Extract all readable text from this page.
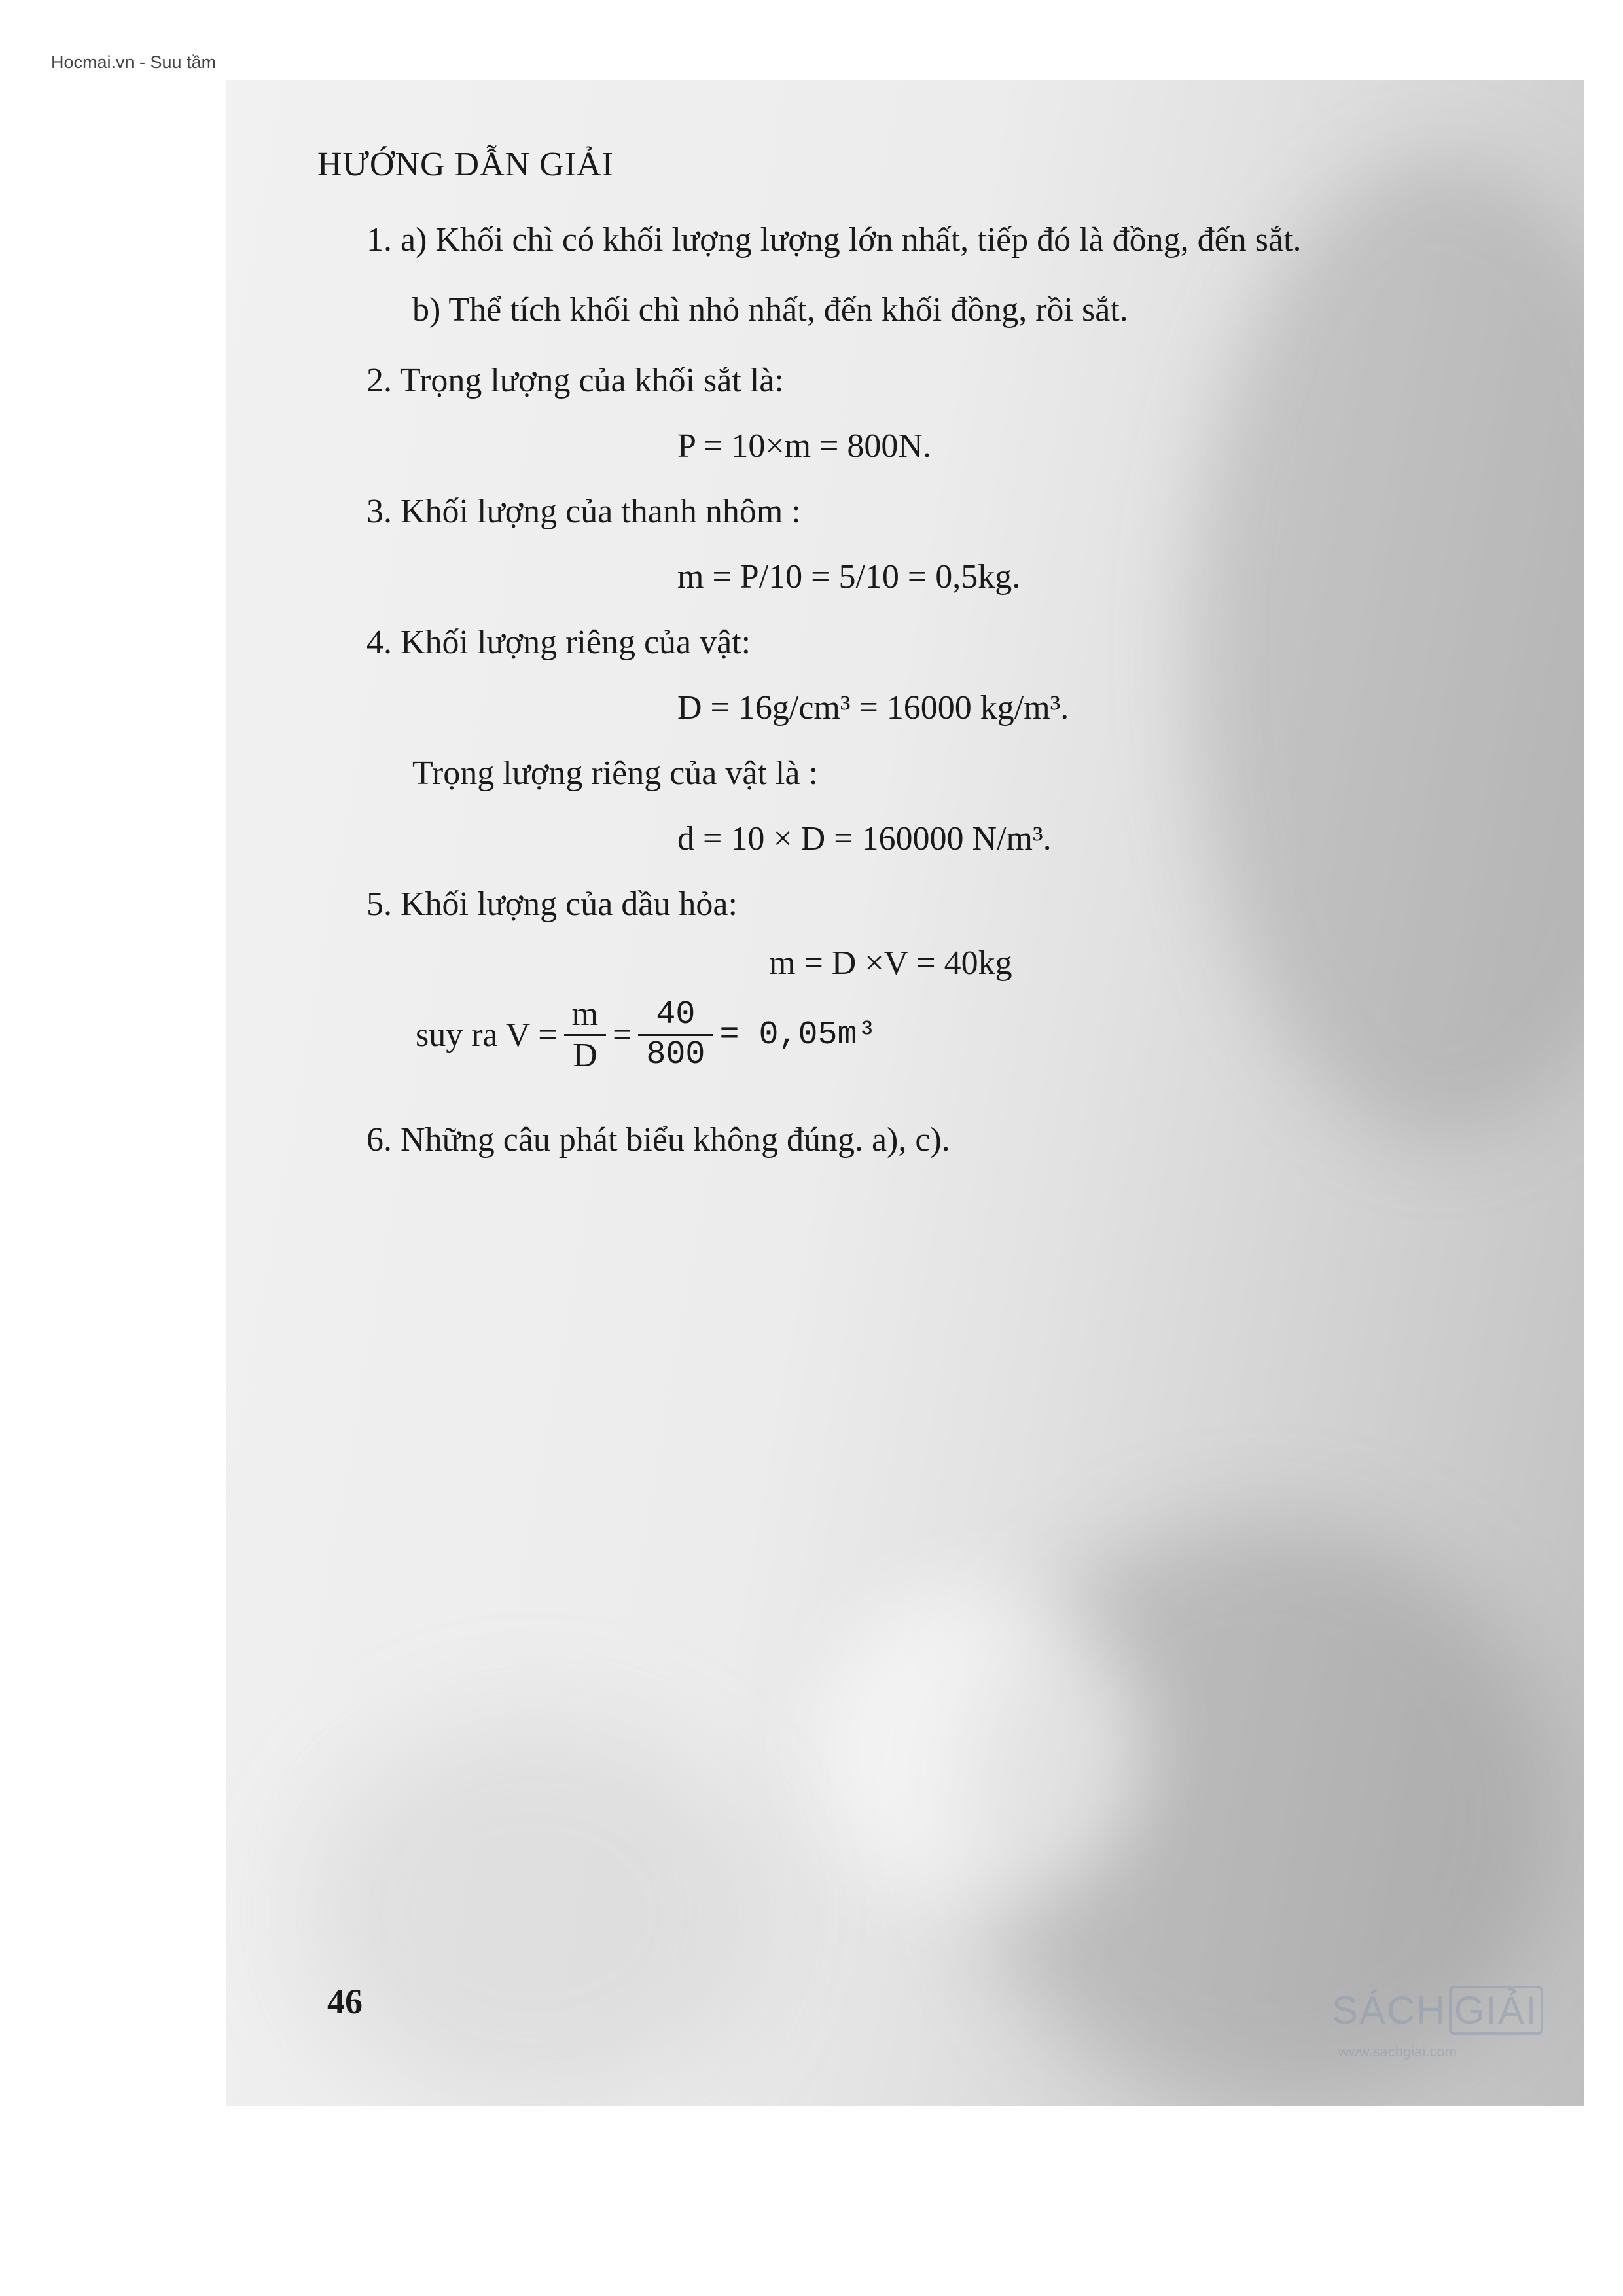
Hocmai.vn - Suu tầm
HƯỚNG DẪN GIẢI

1. a) Khối chì có khối lượng lượng lớn nhất, tiếp đó là đồng, đến sắt.

b) Thể tích khối chì nhỏ nhất, đến khối đồng, rồi sắt.

2. Trọng lượng của khối sắt là:

P = 10×m = 800N.

3. Khối lượng của thanh nhôm :

m = P/10 = 5/10 = 0,5kg.

4. Khối lượng riêng của vật:

D = 16g/cm³ = 16000 kg/m³.

Trọng lượng riêng của vật là :

d = 10 × D = 160000 N/m³.

5. Khối lượng của dầu hỏa:

m = D ×V = 40kg

suy ra $V = \frac{m}{D} = \frac{40}{800} = 0,05m^3$

6. Những câu phát biểu không đúng. a), c).

46	SÁCH GIẢI
www.sachgiai.com
